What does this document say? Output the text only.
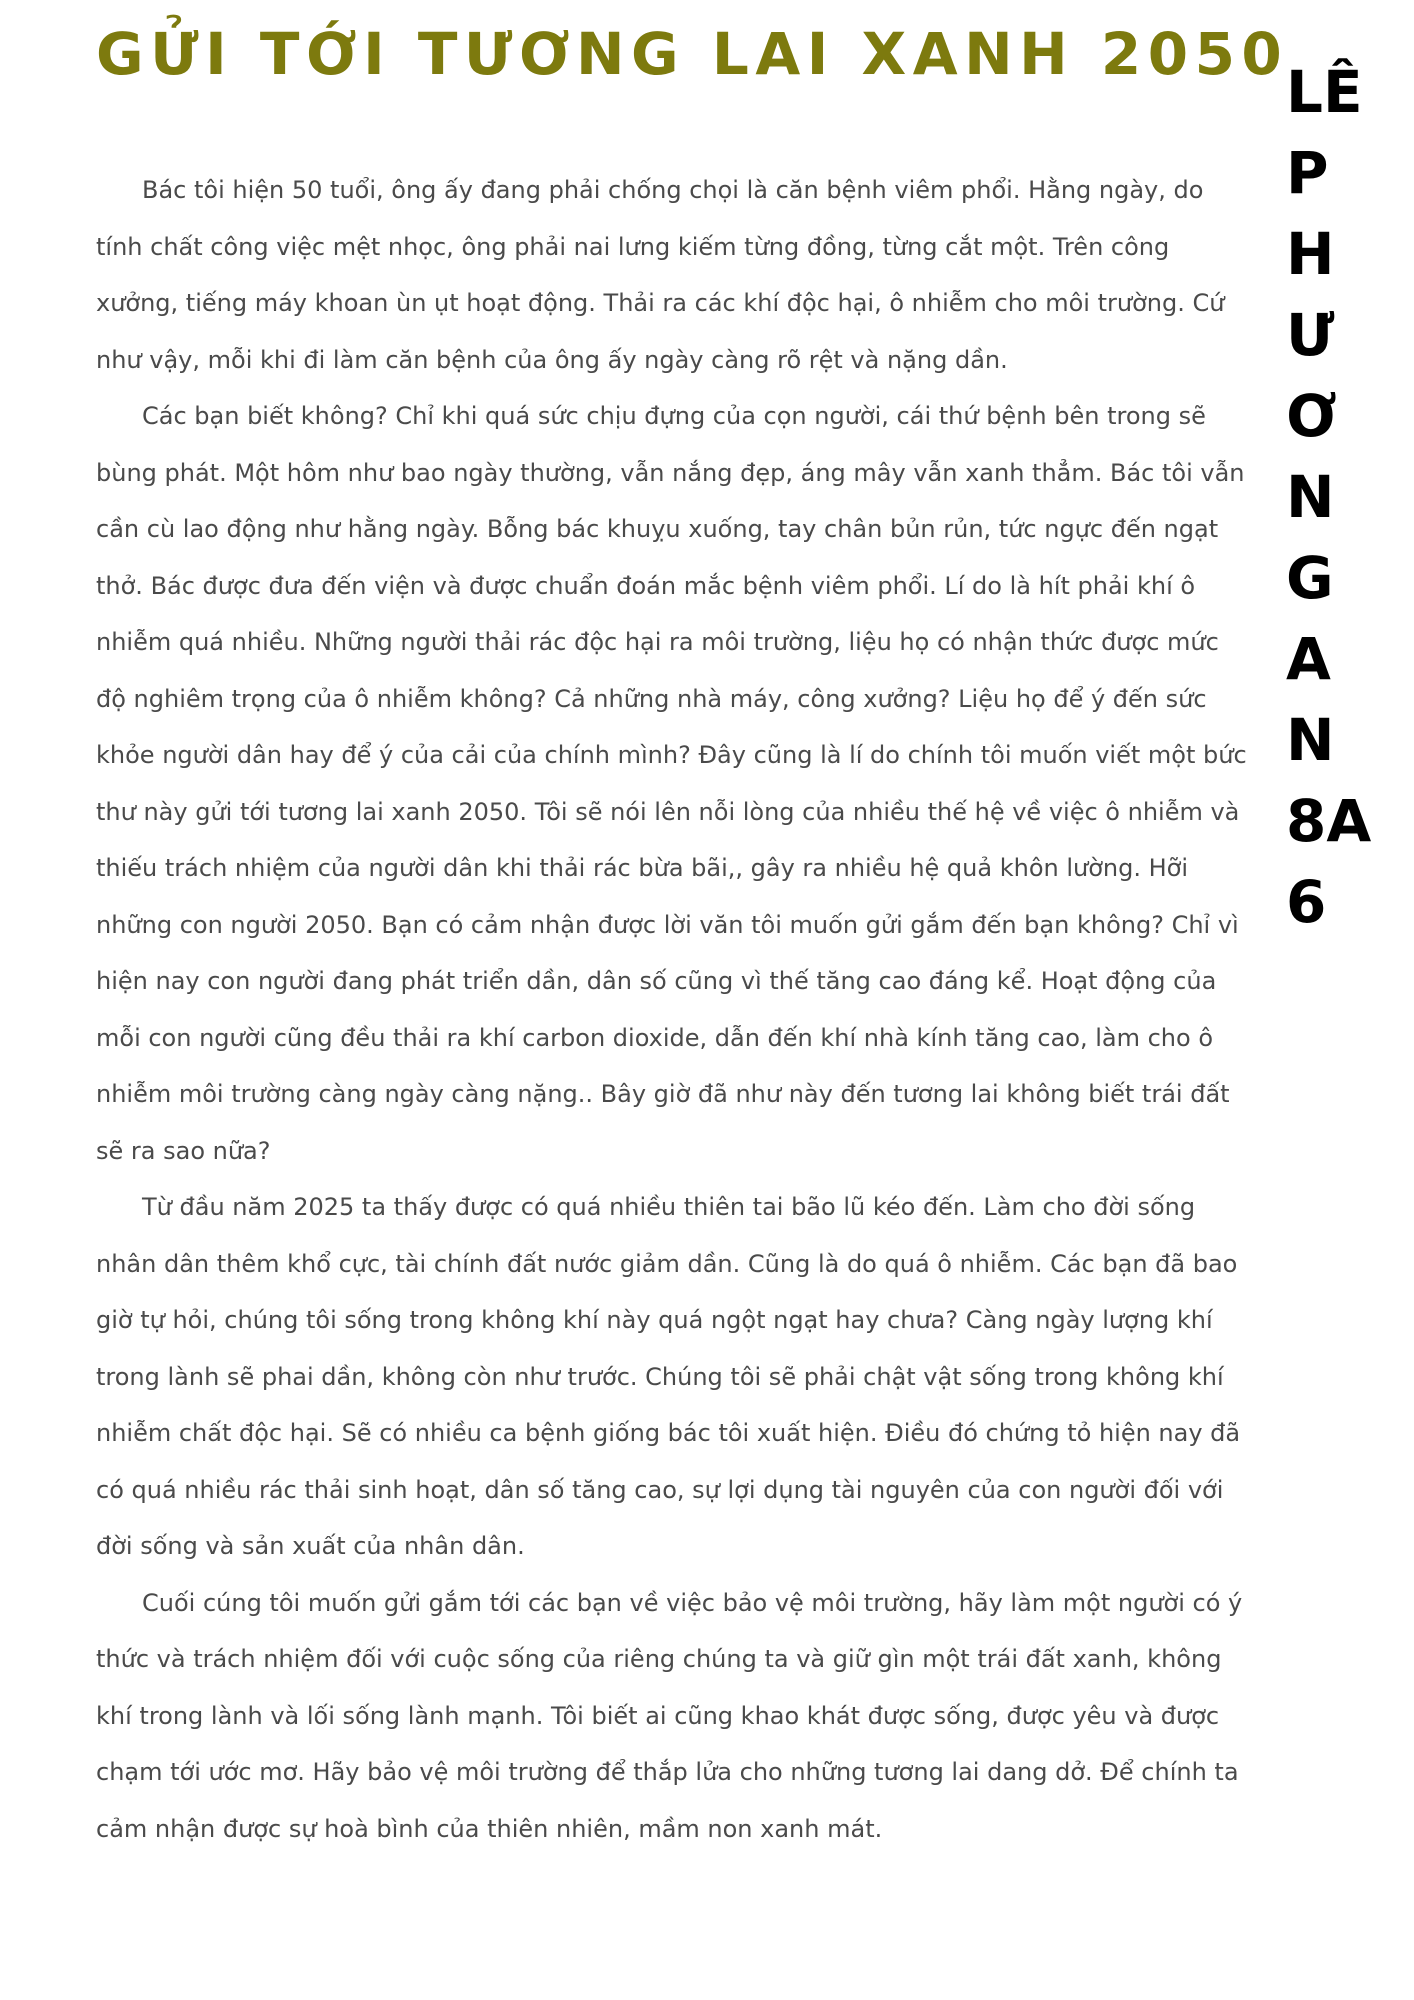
GỬI TỚI TƯƠNG LAI XANH 2050

Bác tôi hiện 50 tuổi, ông ấy đang phải chống chọi là căn bệnh viêm phổi. Hằng ngày, do tính chất công việc mệt nhọc, ông phải nai lưng kiếm từng đồng, từng cắt một. Trên công xưởng, tiếng máy khoan ùn ụt hoạt động. Thải ra các khí độc hại, ô nhiễm cho môi trường. Cứ như vậy, mỗi khi đi làm căn bệnh của ông ấy ngày càng rõ rệt và nặng dần.

Các bạn biết không? Chỉ khi quá sức chịu đựng của cọn người, cái thứ bệnh bên trong sẽ bùng phát. Một hôm như bao ngày thường, vẫn nắng đẹp, áng mây vẫn xanh thẳm. Bác tôi vẫn cần cù lao động như hằng ngày. Bỗng bác khuỵu xuống, tay chân bủn rủn, tức ngực đến ngạt thở. Bác được đưa đến viện và được chuẩn đoán mắc bệnh viêm phổi. Lí do là hít phải khí ô nhiễm quá nhiều. Những người thải rác độc hại ra môi trường, liệu họ có nhận thức được mức độ nghiêm trọng của ô nhiễm không? Cả những nhà máy, công xưởng? Liệu họ để ý đến sức khỏe người dân hay để ý của cải của chính mình? Đây cũng là lí do chính tôi muốn viết một bức thư này gửi tới tương lai xanh 2050. Tôi sẽ nói lên nỗi lòng của nhiều thế hệ về việc ô nhiễm và thiếu trách nhiệm của người dân khi thải rác bừa bãi,, gây ra nhiều hệ quả khôn lường. Hỡi những con người 2050. Bạn có cảm nhận được lời văn tôi muốn gửi gắm đến bạn không? Chỉ vì hiện nay con người đang phát triển dần, dân số cũng vì thế tăng cao đáng kể. Hoạt động của mỗi con người cũng đều thải ra khí carbon dioxide, dẫn đến khí nhà kính tăng cao, làm cho ô nhiễm môi trường càng ngày càng nặng.. Bây giờ đã như này đến tương lai không biết trái đất sẽ ra sao nữa?

Từ đầu năm 2025 ta thấy được có quá nhiều thiên tai bão lũ kéo đến. Làm cho đời sống nhân dân thêm khổ cực, tài chính đất nước giảm dần. Cũng là do quá ô nhiễm. Các bạn đã bao giờ tự hỏi, chúng tôi sống trong không khí này quá ngột ngạt hay chưa? Càng ngày lượng khí trong lành sẽ phai dần, không còn như trước. Chúng tôi sẽ phải chật vật sống trong không khí nhiễm chất độc hại. Sẽ có nhiều ca bệnh giống bác tôi xuất hiện. Điều đó chứng tỏ hiện nay đã có quá nhiều rác thải sinh hoạt, dân số tăng cao, sự lợi dụng tài nguyên của con người đối với đời sống và sản xuất của nhân dân.

Cuối cúng tôi muốn gửi gắm tới các bạn về việc bảo vệ môi trường, hãy làm một người có ý thức và trách nhiệm đối với cuộc sống của riêng chúng ta và giữ gìn một trái đất xanh, không khí trong lành và lối sống lành mạnh. Tôi biết ai cũng khao khát được sống, được yêu và được chạm tới ước mơ. Hãy bảo vệ môi trường để thắp lửa cho những tương lai dang dở. Để chính ta cảm nhận được sự hoà bình của thiên nhiên, mầm non xanh mát.

LÊ
P
H
Ư
Ơ
N
G
A
N
8A
6
